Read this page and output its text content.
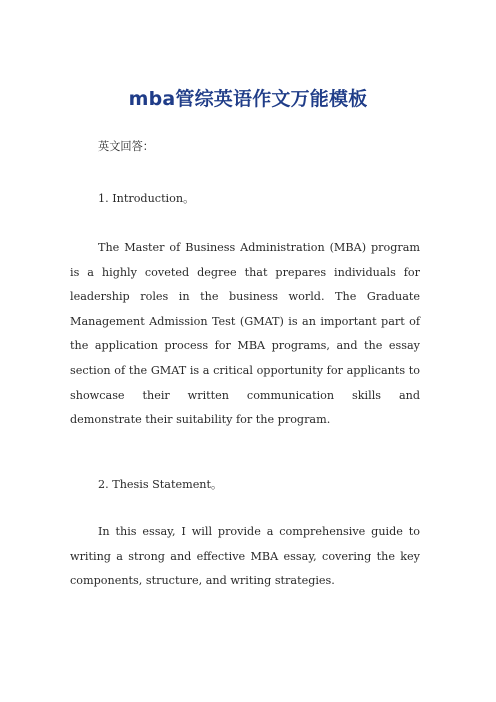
mba管综英语作文万能模板

英文回答：

1. Introduction。

The Master of Business Administration (MBA) program is a highly coveted degree that prepares individuals for leadership roles in the business world. The Graduate Management Admission Test (GMAT) is an important part of the application process for MBA programs, and the essay section of the GMAT is a critical opportunity for applicants to showcase their written communication skills and demonstrate their suitability for the program.

2. Thesis Statement。

In this essay, I will provide a comprehensive guide to writing a strong and effective MBA essay, covering the key components, structure, and writing strategies.
